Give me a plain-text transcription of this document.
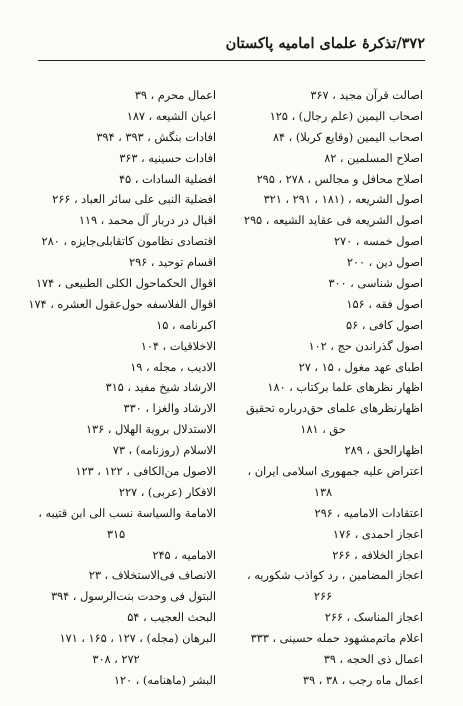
۳۷۲/تذکرهٔ علمای امامیه پاکستان
اصالت قرآن مجید ، ۳۶۷
اصحاب الیمین (علم رجال) ، ۱۲۵
اصحاب الیمین (وقایع کربلا) ، ۸۴
اصلاح المسلمین ، ۸۲
اصلاح محافل و مجالس ، ۲۷۸ ، ۲۹۵
اصول الشریعه ، (۱۸۱ ، ۲۹۱ ، ۳۲۱
اصول الشریعه فی عقاید الشیعه ، ۲۹۵
اصول خمسه ، ۲۷۰
اصول دین ، ۲۰۰
اصول شناسی ، ۳۰۰
اصول فقه ، ۱۵۶
اصول کافی ، ۵۶
اصول گذراندن حج ، ۱۰۲
اطبای عهد مغول ، ۱۵ ، ۲۷
اظهار نظرهای علما برکتاب ، ۱۸۰
اظهارنظرهای علمای حق‌درباره تحقیق
حق ، ۱۸۱
اظهارالحق ، ۲۸۹
اعتراض علیه جمهوری اسلامی ایران ،
۱۳۸
اعتقادات الامامیه ، ۲۹۶
اعجاز احمدی ، ۱۷۶
اعجاز الخلافه ، ۲۶۶
اعجاز المضامین ، رد کواذب شکوریه ،
۲۶۶
اعجاز المناسک ، ۲۶۶
اعلام ماتم‌مشهود حمله حسینی ، ۳۳۳
اعمال ذی الحجه ، ۳۹
اعمال ماه رجب ، ۳۸ ، ۳۹
اعمال محرم ، ۳۹
اعیان الشیعه ، ۱۸۷
افادات بنگش ، ۳۹۳ ، ۳۹۴
افادات حسینیه ، ۳۶۳
افضلیة السادات ، ۴۵
افضلیة النبی علی سائر العباد ، ۲۶۶
اقبال در دربار آل محمد ، ۱۱۹
اقتصادی نظامون کاتقابلی‌جایزه ، ۲۸۰
اقسام توحید ، ۲۹۶
اقوال الحکماحول الکلی الطبیعی ، ۱۷۴
اقوال الفلاسفه حول‌عقول العشره ، ۱۷۴
اکبرنامه ، ۱۵
الاخلاقیات ، ۱۰۴
الادیب ، مجله ، ۱۹
الارشاد شیخ مفید ، ۳۱۵
الارشاد والغزا ، ۳۳۰
الاستدلال برویة الهلال ، ۱۳۶
الاسلام (روزنامه) ، ۷۳
الاصول من‌الکافی ، ۱۲۲ ، ۱۲۳
الافکار (عربی) ، ۲۲۷
الامامة والسیاسة نسب الی ابن قتیبه ،
۳۱۵
الامامیه ، ۲۴۵
الانصاف فی‌الاستخلاف ، ۲۳
البتول فی وحدت بنت‌الرسول ، ۳۹۴
البحث العجیب ، ۵۴
البرهان (مجله) ، ۱۲۷ ، ۱۶۵ ، ۱۷۱
۲۷۲ ، ۳۰۸
البشر (ماهنامه) ، ۱۲۰
